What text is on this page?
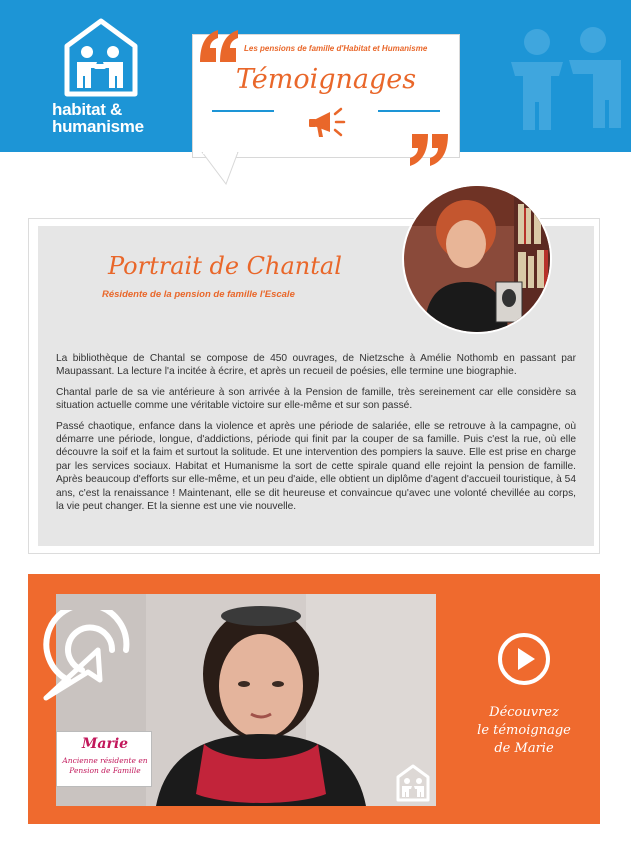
habitat &
humanisme
Les pensions de famille d'Habitat et Humanisme
Témoignages
Portrait de Chantal
Résidente de la pension de famille l'Escale

La bibliothèque de Chantal se compose de 450 ouvrages, de Nietzsche à Amélie Nothomb en passant par Maupassant. La lecture l'a incitée à écrire, et après un recueil de poésies, elle termine une biographie.

Chantal parle de sa vie antérieure à son arrivée à la Pension de famille, très sereinement car elle considère sa situation actuelle comme une véritable victoire sur elle-même et sur son passé.

Passé chaotique, enfance dans la violence et après une période de salariée, elle se retrouve à la campagne, où démarre une période, longue, d'addictions, période qui finit par la couper de sa famille. Puis c'est la rue, où elle découvre la soif et la faim et surtout la solitude. Et une intervention des pompiers la sauve. Elle est prise en charge par les services sociaux. Habitat et Humanisme la sort de cette spirale quand elle rejoint la pension de famille. Après beaucoup d'efforts sur elle-même, et un peu d'aide, elle obtient un diplôme d'agent d'accueil touristique, à 54 ans, c'est la renaissance ! Maintenant, elle se dit heureuse et convaincue qu'avec une volonté chevillée au corps, la vie peut changer. Et la sienne est une vie nouvelle.

Marie
Ancienne résidente en
Pension de Famille
Découvrez
le témoignage
de Marie
